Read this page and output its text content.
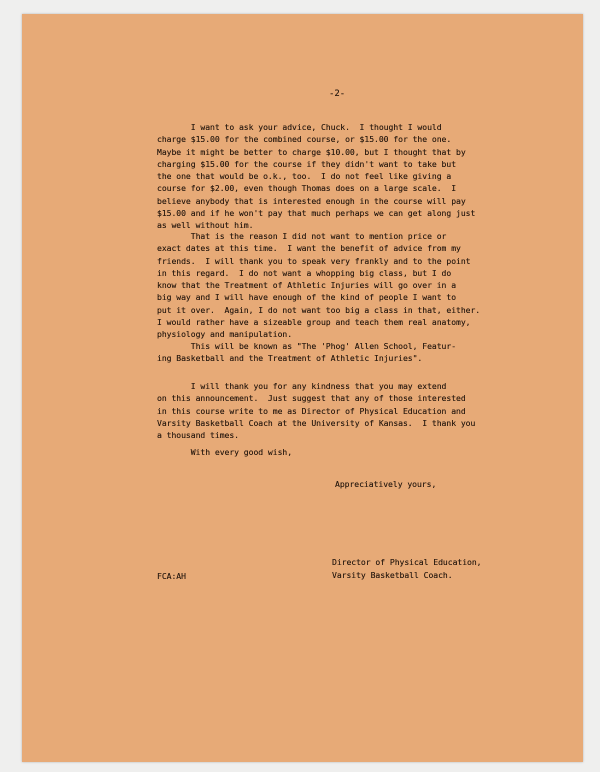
-2-
I want to ask your advice, Chuck.  I thought I would
charge $15.00 for the combined course, or $15.00 for the one.
Maybe it might be better to charge $10.00, but I thought that by
charging $15.00 for the course if they didn't want to take but
the one that would be o.k., too.  I do not feel like giving a
course for $2.00, even though Thomas does on a large scale.  I
believe anybody that is interested enough in the course will pay
$15.00 and if he won't pay that much perhaps we can get along just
as well without him.
That is the reason I did not want to mention price or
exact dates at this time.  I want the benefit of advice from my
friends.  I will thank you to speak very frankly and to the point
in this regard.  I do not want a whopping big class, but I do
know that the Treatment of Athletic Injuries will go over in a
big way and I will have enough of the kind of people I want to
put it over.  Again, I do not want too big a class in that, either.
I would rather have a sizeable group and teach them real anatomy,
physiology and manipulation.
This will be known as "The 'Phog' Allen School, Featur-
ing Basketball and the Treatment of Athletic Injuries".
I will thank you for any kindness that you may extend
on this announcement.  Just suggest that any of those interested
in this course write to me as Director of Physical Education and
Varsity Basketball Coach at the University of Kansas.  I thank you
a thousand times.
With every good wish,
Appreciatively yours,
FCA:AH
Director of Physical Education,
Varsity Basketball Coach.
